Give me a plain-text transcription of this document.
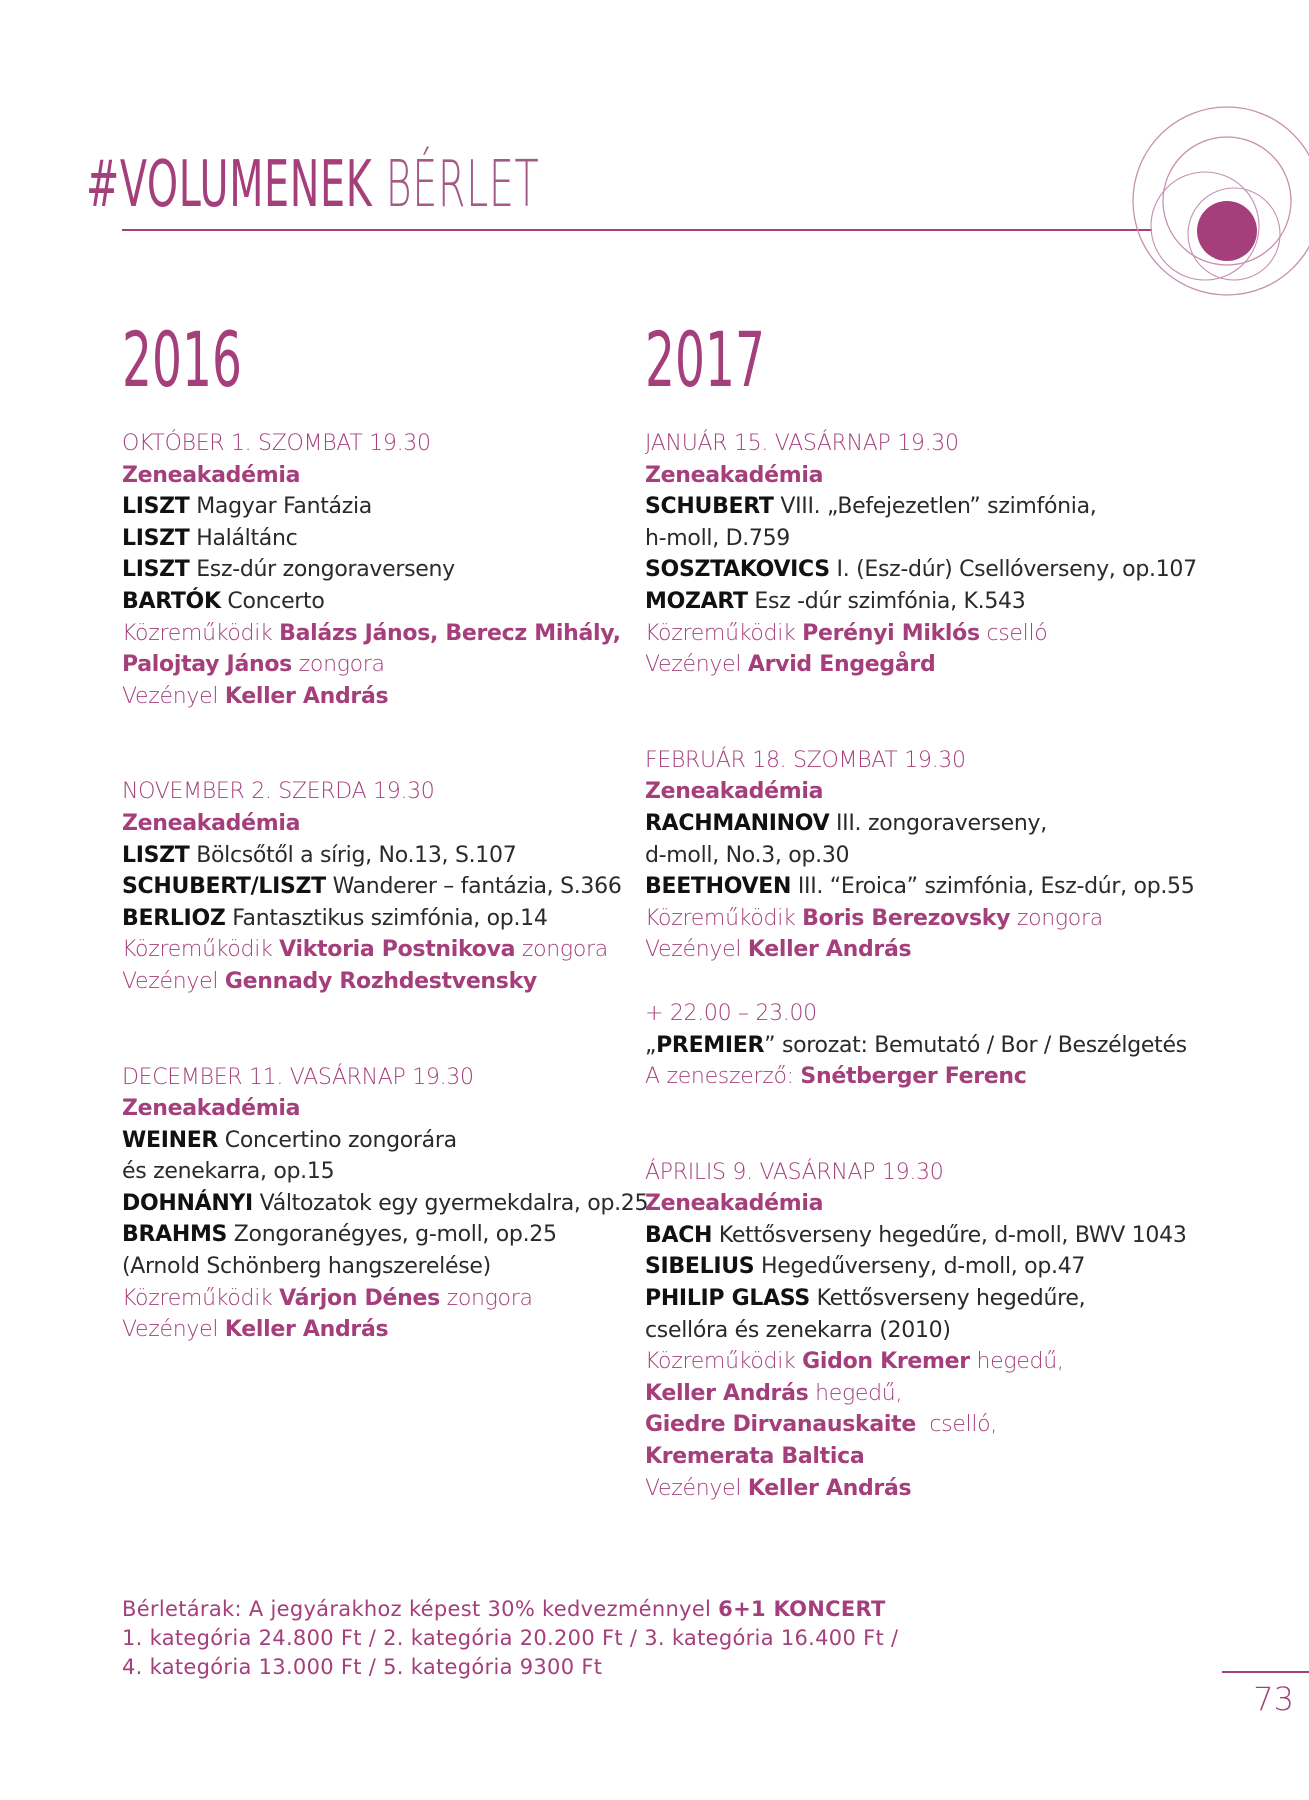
#VOLUMENEK BÉRLET
2016	2017
OKTÓBER 1. SZOMBAT 19.30
Zeneakadémia
LISZT Magyar Fantázia
LISZT Haláltánc
LISZT Esz-dúr zongoraverseny
BARTÓK Concerto
Közreműködik Balázs János, Berecz Mihály,
Palojtay János zongora
Vezényel Keller András
NOVEMBER 2. SZERDA 19.30
Zeneakadémia
LISZT Bölcsőtől a sírig, No.13, S.107
SCHUBERT/LISZT Wanderer – fantázia, S.366
BERLIOZ Fantasztikus szimfónia, op.14
Közreműködik Viktoria Postnikova zongora
Vezényel Gennady Rozhdestvensky
DECEMBER 11. VASÁRNAP 19.30
Zeneakadémia
WEINER Concertino zongorára
és zenekarra, op.15
DOHNÁNYI Változatok egy gyermekdalra, op.25
BRAHMS Zongoranégyes, g-moll, op.25
(Arnold Schönberg hangszerelése)
Közreműködik Várjon Dénes zongora
Vezényel Keller András
JANUÁR 15. VASÁRNAP 19.30
Zeneakadémia
SCHUBERT VIII. „Befejezetlen” szimfónia,
h-moll, D.759
SOSZTAKOVICS I. (Esz-dúr) Csellóverseny, op.107
MOZART Esz -dúr szimfónia, K.543
Közreműködik Perényi Miklós cselló
Vezényel Arvid Engegård
FEBRUÁR 18. SZOMBAT 19.30
Zeneakadémia
RACHMANINOV III. zongoraverseny,
d-moll, No.3, op.30
BEETHOVEN III. “Eroica” szimfónia, Esz-dúr, op.55
Közreműködik Boris Berezovsky zongora
Vezényel Keller András
+ 22.00 – 23.00
„PREMIER” sorozat: Bemutató / Bor / Beszélgetés
A zeneszerző: Snétberger Ferenc
ÁPRILIS 9. VASÁRNAP 19.30
Zeneakadémia
BACH Kettősverseny hegedűre, d-moll, BWV 1043
SIBELIUS Hegedűverseny, d-moll, op.47
PHILIP GLASS Kettősverseny hegedűre,
csellóra és zenekarra (2010)
Közreműködik Gidon Kremer hegedű,
Keller András hegedű,
Giedre Dirvanauskaite  cselló,
Kremerata Baltica
Vezényel Keller András
Bérletárak: A jegyárakhoz képest 30% kedvezménnyel 6+1 KONCERT
1. kategória 24.800 Ft / 2. kategória 20.200 Ft / 3. kategória 16.400 Ft /
4. kategória 13.000 Ft / 5. kategória 9300 Ft
73
